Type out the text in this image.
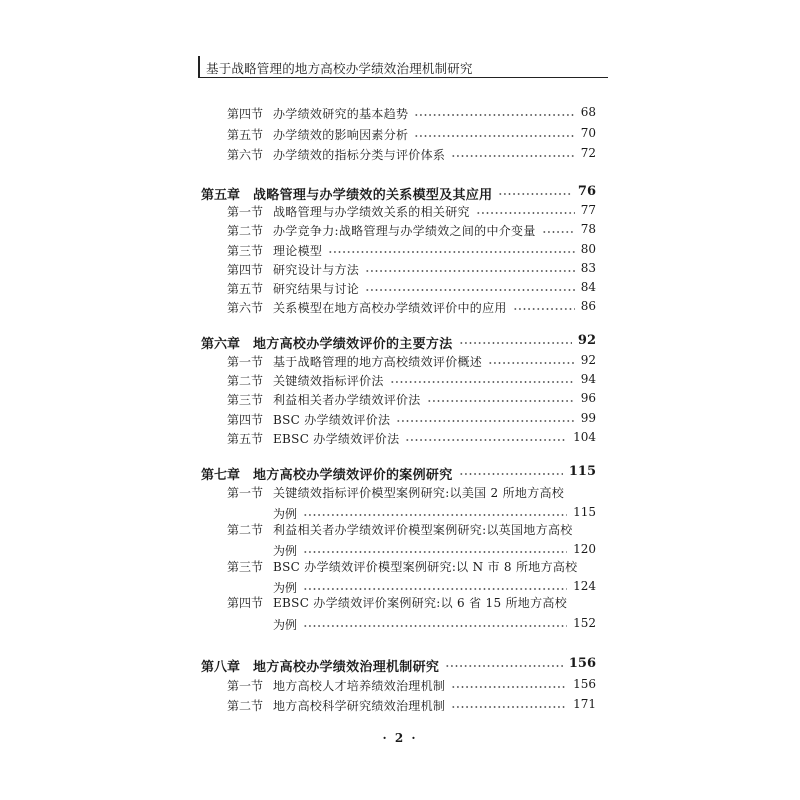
基于战略管理的地方高校办学绩效治理机制研究
第四节 办学绩效研究的基本趋势	68
第五节 办学绩效的影响因素分析	70
第六节 办学绩效的指标分类与评价体系	72
第五章 战略管理与办学绩效的关系模型及其应用	76
第一节 战略管理与办学绩效关系的相关研究	77
第二节 办学竞争力:战略管理与办学绩效之间的中介变量	78
第三节 理论模型	80
第四节 研究设计与方法	83
第五节 研究结果与讨论	84
第六节 关系模型在地方高校办学绩效评价中的应用	86
第六章 地方高校办学绩效评价的主要方法	92
第一节 基于战略管理的地方高校绩效评价概述	92
第二节 关键绩效指标评价法	94
第三节 利益相关者办学绩效评价法	96
第四节 BSC 办学绩效评价法	99
第五节 EBSC 办学绩效评价法	104
第七章 地方高校办学绩效评价的案例研究	115
第一节 关键绩效指标评价模型案例研究:以美国 2 所地方高校
为例	115
第二节 利益相关者办学绩效评价模型案例研究:以英国地方高校
为例	120
第三节 BSC 办学绩效评价模型案例研究:以 N 市 8 所地方高校
为例	124
第四节 EBSC 办学绩效评价案例研究:以 6 省 15 所地方高校
为例	152
第八章 地方高校办学绩效治理机制研究	156
第一节 地方高校人才培养绩效治理机制	156
第二节 地方高校科学研究绩效治理机制	171
· 2 ·
